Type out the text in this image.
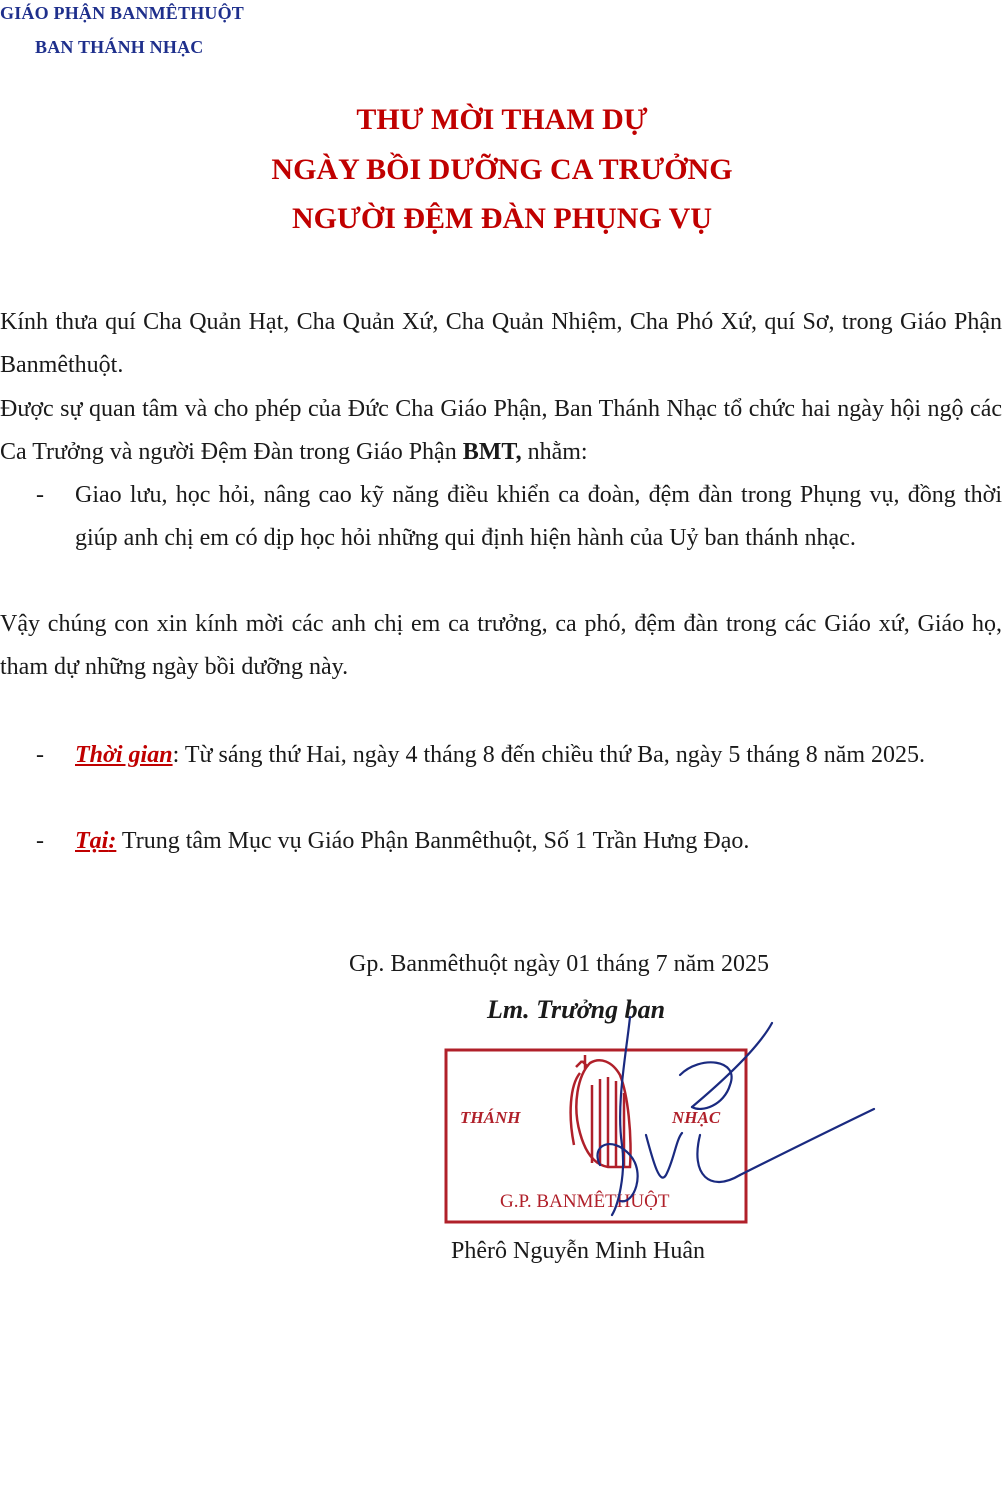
GIÁO PHẬN BANMÊTHUỘT
BAN THÁNH NHẠC
THƯ MỜI THAM DỰ
NGÀY BỒI DƯỠNG CA TRƯỞNG
NGƯỜI ĐỆM ĐÀN PHỤNG VỤ

Kính thưa quí Cha Quản Hạt, Cha Quản Xứ, Cha Quản Nhiệm, Cha Phó Xứ, quí Sơ, trong Giáo Phận Banmêthuột.

Được sự quan tâm và cho phép của Đức Cha Giáo Phận, Ban Thánh Nhạc tổ chức hai ngày hội ngộ các Ca Trưởng và người Đệm Đàn trong Giáo Phận BMT, nhằm:

- Giao lưu, học hỏi, nâng cao kỹ năng điều khiển ca đoàn, đệm đàn trong Phụng vụ, đồng thời giúp anh chị em có dịp học hỏi những qui định hiện hành của Uỷ ban thánh nhạc.

Vậy chúng con xin kính mời các anh chị em ca trưởng, ca phó, đệm đàn trong các Giáo xứ, Giáo họ, tham dự những ngày bồi dưỡng này.

- Thời gian: Từ sáng thứ Hai, ngày 4 tháng 8 đến chiều thứ Ba, ngày 5 tháng 8 năm 2025.

- Tại: Trung tâm Mục vụ Giáo Phận Banmêthuột, Số 1 Trần Hưng Đạo.

Gp. Banmêthuột ngày 01 tháng 7 năm 2025
Lm. Trưởng ban
THÁNH	NHẠC
G.P. BANMÊTHUỘT
Phêrô Nguyễn Minh Huân
